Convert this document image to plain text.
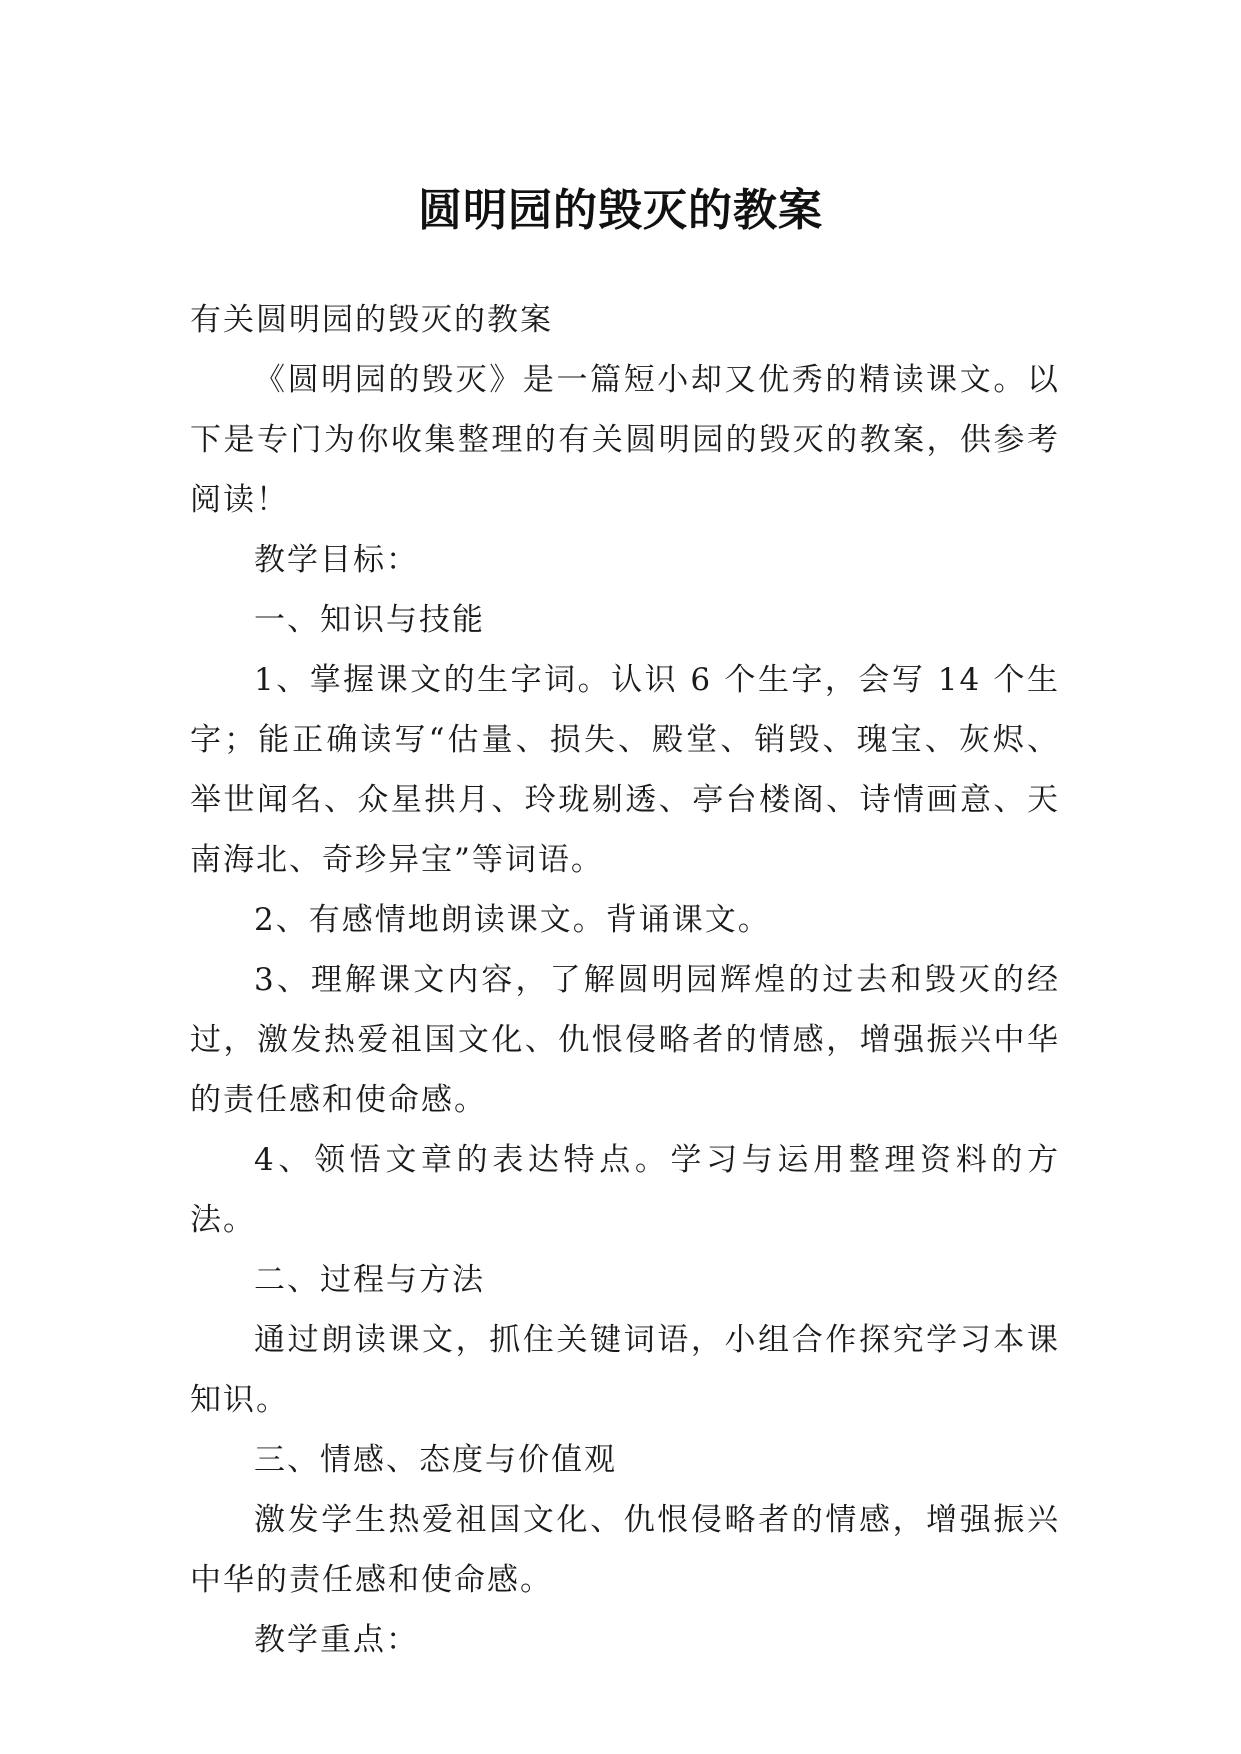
圆明园的毁灭的教案

有关圆明园的毁灭的教案

《圆明园的毁灭》是一篇短小却又优秀的精读课文。以下是专门为你收集整理的有关圆明园的毁灭的教案，供参考阅读！

教学目标：

一、知识与技能

1、掌握课文的生字词。认识 6 个生字，会写 14 个生字；能正确读写“估量、损失、殿堂、销毁、瑰宝、灰烬、举世闻名、众星拱月、玲珑剔透、亭台楼阁、诗情画意、天南海北、奇珍异宝”等词语。

2、有感情地朗读课文。背诵课文。

3、理解课文内容，了解圆明园辉煌的过去和毁灭的经过，激发热爱祖国文化、仇恨侵略者的情感，增强振兴中华的责任感和使命感。

4、领悟文章的表达特点。学习与运用整理资料的方法。

二、过程与方法

通过朗读课文，抓住关键词语，小组合作探究学习本课知识。

三、情感、态度与价值观

激发学生热爱祖国文化、仇恨侵略者的情感，增强振兴中华的责任感和使命感。

教学重点：
